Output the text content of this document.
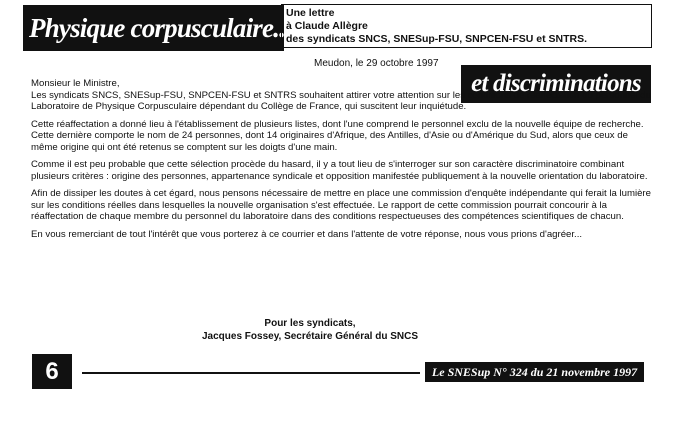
Physique corpusculaire...
Une lettre
à Claude Allègre
des syndicats SNCS, SNESup-FSU, SNPCEN-FSU et SNTRS.
Meudon, le 29 octobre 1997
et discriminations

Monsieur le Ministre,

Les syndicats SNCS, SNESup-FSU, SNPCEN-FSU et SNTRS souhaitent attirer votre attention sur les conditions de réaffectation du personnel du Laboratoire de Physique Corpusculaire dépendant du Collège de France, qui suscitent leur inquiétude.

Cette réaffectation a donné lieu à l'établissement de plusieurs listes, dont l'une comprend le personnel exclu de la nouvelle équipe de recherche. Cette dernière comporte le nom de 24 personnes, dont 14 originaires d'Afrique, des Antilles, d'Asie ou d'Amérique du Sud, alors que ceux de même origine qui ont été retenus se comptent sur les doigts d'une main.

Comme il est peu probable que cette sélection procède du hasard, il y a tout lieu de s'interroger sur son caractère discriminatoire combinant plusieurs critères : origine des personnes, appartenance syndicale et opposition manifestée publiquement à la nouvelle orientation du laboratoire.

Afin de dissiper les doutes à cet égard, nous pensons nécessaire de mettre en place une commission d'enquête indépendante qui ferait la lumière sur les conditions réelles dans lesquelles la nouvelle organisation s'est effectuée. Le rapport de cette commission pourrait concourir à la réaffectation de chaque membre du personnel du laboratoire dans des conditions respectueuses des compétences scientifiques de chacun.

En vous remerciant de tout l'intérêt que vous porterez à ce courrier et dans l'attente de votre réponse, nous vous prions d'agréer...

Pour les syndicats,
Jacques Fossey, Secrétaire Général du SNCS
6	Le SNESup N° 324 du 21 novembre 1997
